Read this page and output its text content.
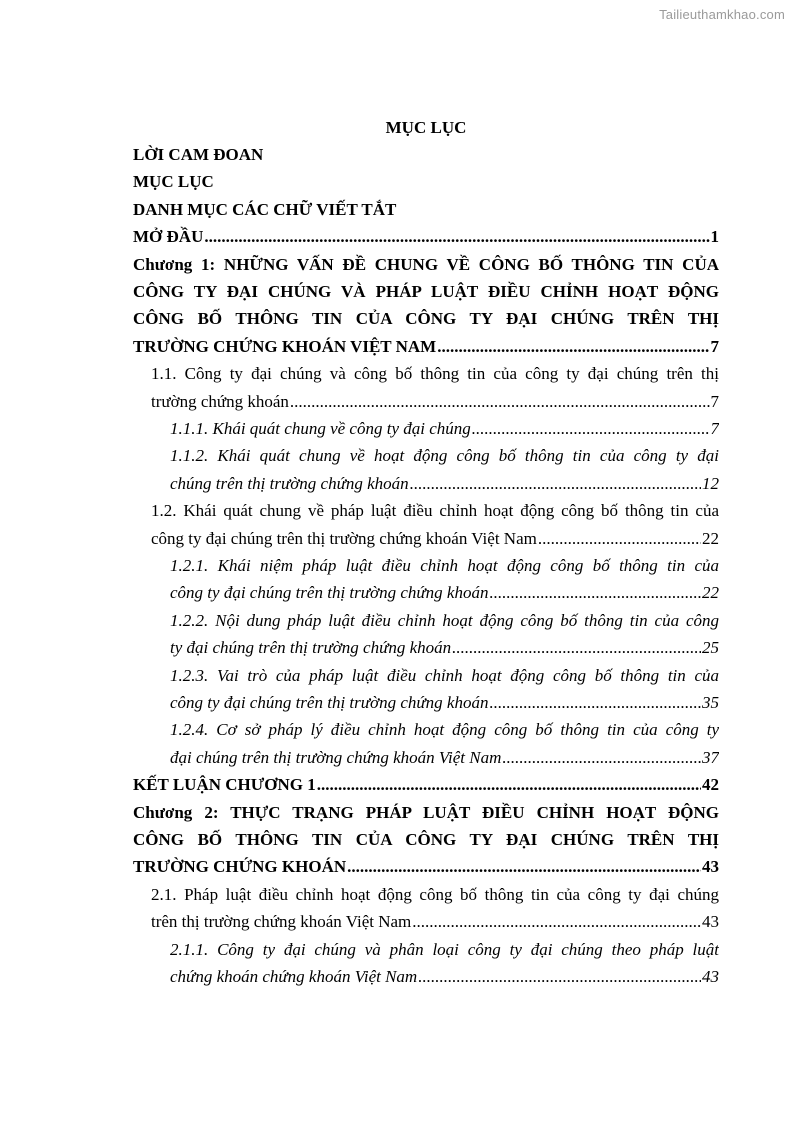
Tailieuthamkhao.com
MỤC LỤC
LỜI CAM ĐOAN
MỤC LỤC
DANH MỤC CÁC CHỮ VIẾT TẮT
MỞ ĐẦU .....	1
Chương 1: NHỮNG VẤN ĐỀ CHUNG VỀ CÔNG BỐ THÔNG TIN CỦA
CÔNG TY ĐẠI CHÚNG VÀ PHÁP LUẬT ĐIỀU CHỈNH HOẠT ĐỘNG
CÔNG BỐ THÔNG TIN CỦA CÔNG TY ĐẠI CHÚNG TRÊN THỊ
TRƯỜNG CHỨNG KHOÁN VIỆT NAM .....	7
1.1. Công ty đại chúng và công bố thông tin của công ty đại chúng trên thị
trường chứng khoán .....	7
1.1.1. Khái quát chung về công ty đại chúng .....	7
1.1.2. Khái quát chung về hoạt động công bố thông tin của công ty đại
chúng trên thị trường chứng khoán .....	12
1.2. Khái quát chung về pháp luật điều chỉnh hoạt động công bố thông tin của
công ty đại chúng trên thị trường chứng khoán Việt Nam .....	22
1.2.1. Khái niệm pháp luật điều chỉnh hoạt động công bố thông tin của
công ty đại chúng trên thị trường chứng khoán .....	22
1.2.2. Nội dung pháp luật điều chỉnh hoạt động công bố thông tin của công
ty đại chúng trên thị trường chứng khoán .....	25
1.2.3. Vai trò của pháp luật điều chỉnh hoạt động công bố thông tin của
công ty đại chúng trên thị trường chứng khoán .....	35
1.2.4. Cơ sở pháp lý điều chỉnh hoạt động công bố thông tin của công ty
đại chúng trên thị trường chứng khoán Việt Nam .....	37
KẾT LUẬN CHƯƠNG 1 .....	42
Chương 2: THỰC TRẠNG PHÁP LUẬT ĐIỀU CHỈNH HOẠT ĐỘNG
CÔNG BỐ THÔNG TIN CỦA CÔNG TY ĐẠI CHÚNG TRÊN THỊ
TRƯỜNG CHỨNG KHOÁN .....	43
2.1. Pháp luật điều chỉnh hoạt động công bố thông tin của công ty đại chúng
trên thị trường chứng khoán Việt Nam .....	43
2.1.1. Công ty đại chúng và phân loại công ty đại chúng theo pháp luật
chứng khoán chứng khoán Việt Nam .....	43
